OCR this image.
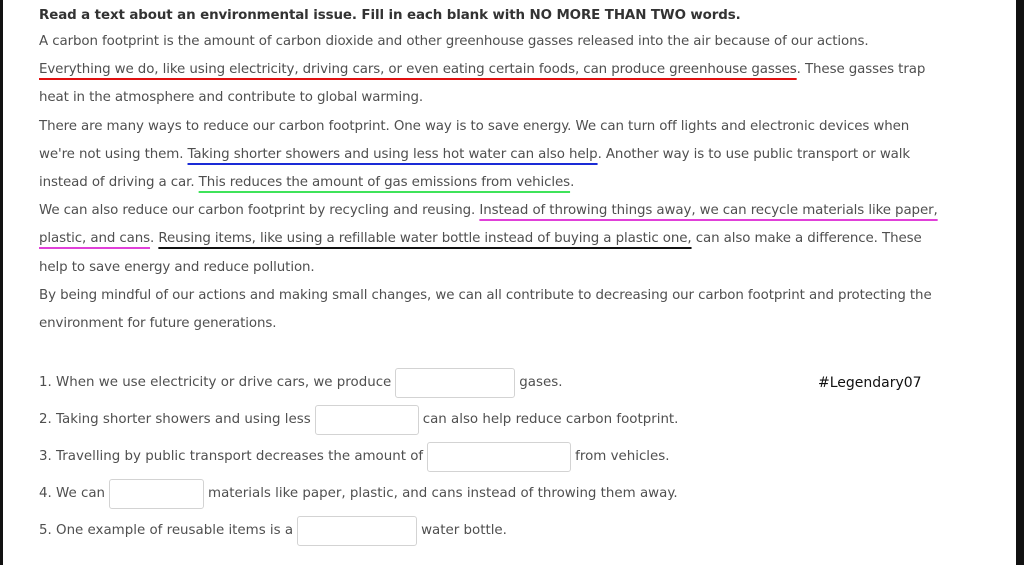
Read a text about an environmental issue. Fill in each blank with NO MORE THAN TWO words.

A carbon footprint is the amount of carbon dioxide and other greenhouse gasses released into the air because of our actions. Everything we do, like using electricity, driving cars, or even eating certain foods, can produce greenhouse gasses. These gasses trap heat in the atmosphere and contribute to global warming.

There are many ways to reduce our carbon footprint. One way is to save energy. We can turn off lights and electronic devices when we're not using them. Taking shorter showers and using less hot water can also help. Another way is to use public transport or walk instead of driving a car. This reduces the amount of gas emissions from vehicles.

We can also reduce our carbon footprint by recycling and reusing. Instead of throwing things away, we can recycle materials like paper, plastic, and cans. Reusing items, like using a refillable water bottle instead of buying a plastic one, can also make a difference. These help to save energy and reduce pollution.

By being mindful of our actions and making small changes, we can all contribute to decreasing our carbon footprint and protecting the environment for future generations.

1. When we use electricity or drive cars, we produce	gases.
2. Taking shorter showers and using less	can also help reduce carbon footprint.
3. Travelling by public transport decreases the amount of	from vehicles.
4. We can	materials like paper, plastic, and cans instead of throwing them away.
5. One example of reusable items is a	water bottle.
#Legendary07
